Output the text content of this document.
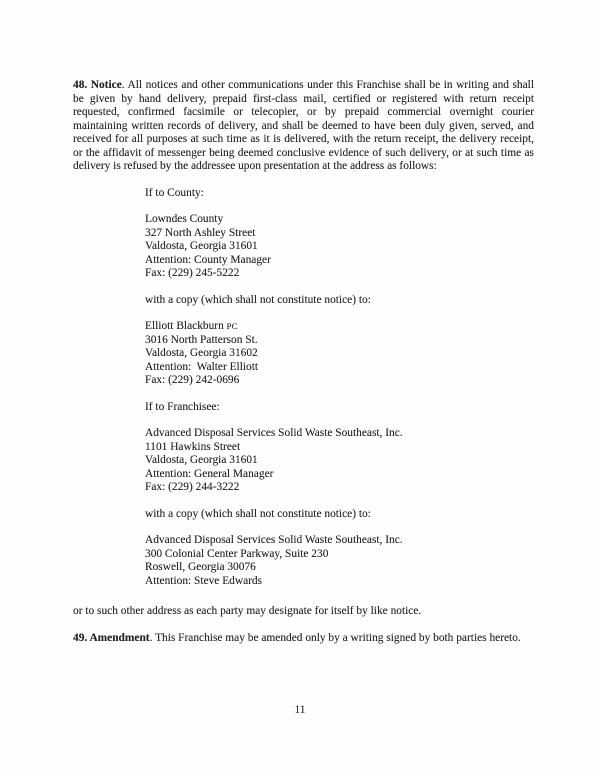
48. Notice. All notices and other communications under this Franchise shall be in writing and shall be given by hand delivery, prepaid first-class mail, certified or registered with return receipt requested, confirmed facsimile or telecopier, or by prepaid commercial overnight courier maintaining written records of delivery, and shall be deemed to have been duly given, served, and received for all purposes at such time as it is delivered, with the return receipt, the delivery receipt, or the affidavit of messenger being deemed conclusive evidence of such delivery, or at such time as delivery is refused by the addressee upon presentation at the address as follows:

If to County:
Lowndes County
327 North Ashley Street
Valdosta, Georgia 31601
Attention: County Manager
Fax: (229) 245-5222
with a copy (which shall not constitute notice) to:
Elliott Blackburn PC
3016 North Patterson St.
Valdosta, Georgia 31602
Attention:  Walter Elliott
Fax: (229) 242-0696
If to Franchisee:
Advanced Disposal Services Solid Waste Southeast, Inc.
1101 Hawkins Street
Valdosta, Georgia 31601
Attention: General Manager
Fax: (229) 244-3222
with a copy (which shall not constitute notice) to:
Advanced Disposal Services Solid Waste Southeast, Inc.
300 Colonial Center Parkway, Suite 230
Roswell, Georgia 30076
Attention: Steve Edwards
or to such other address as each party may designate for itself by like notice.

49. Amendment. This Franchise may be amended only by a writing signed by both parties hereto.

11
